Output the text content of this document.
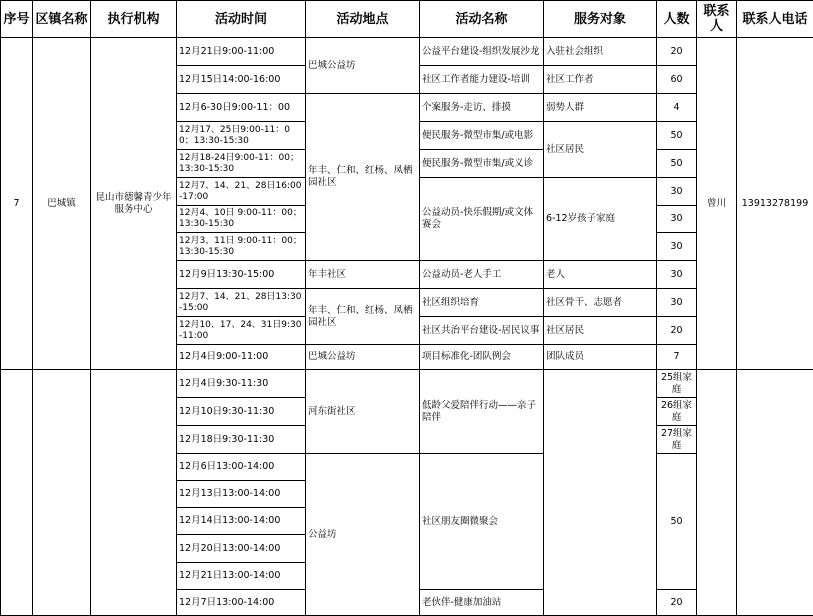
序号	区镇名称	执行机构	活动时间	活动地点	活动名称	服务对象	人数	联系人	联系人电话
7	巴城镇	昆山市德馨青少年服务中心	12月21日9:00-11:00	巴城公益坊	公益平台建设-组织发展沙龙	入驻社会组织	20	曾川	13913278199
			12月15日14:00-16:00		社区工作者能力建设-培训	社区工作者	60		
			12月6-30日9:00-11：00	年丰、仁和、红杨、凤栖园社区	个案服务-走访、排摸	弱势人群	4		
			12月17、25日9:00-11：00；13:30-15:30		便民服务-微型市集/或电影	社区居民	50		
			12月18-24日9:00-11：00；13:30-15:30		便民服务-微型市集/或义诊		50		
			12月7、14、21、28日16:00-17:00		公益动员-快乐假期/或文体赛会	6-12岁孩子家庭	30		
			12月4、10日 9:00-11：00；13:30-15:30				30		
			12月3、11日 9:00-11：00；13:30-15:30				30		
			12月9日13:30-15:00	年丰社区	公益动员-老人手工	老人	30		
			12月7、14、21、28日13:30-15:00	年丰、仁和、红杨、凤栖园社区	社区组织培育	社区骨干、志愿者	30		
			12月10、17、24、31日9:30-11:00		社区共治平台建设-居民议事	社区居民	20		
			12月4日9:00-11:00	巴城公益坊	项目标准化-团队例会	团队成员	7		
			12月4日9:30-11:30	河东街社区	低龄父爱陪伴行动——亲子陪伴		25组家庭		
			12月10日9:30-11:30				26组家庭		
			12月18日9:30-11:30				27组家庭		
			12月6日13:00-14:00	公益坊	社区朋友圈微聚会		50		
			12月13日13:00-14:00						
			12月14日13:00-14:00						
			12月20日13:00-14:00						
			12月21日13:00-14:00						
			12月7日13:00-14:00		老伙伴-健康加油站		20		
